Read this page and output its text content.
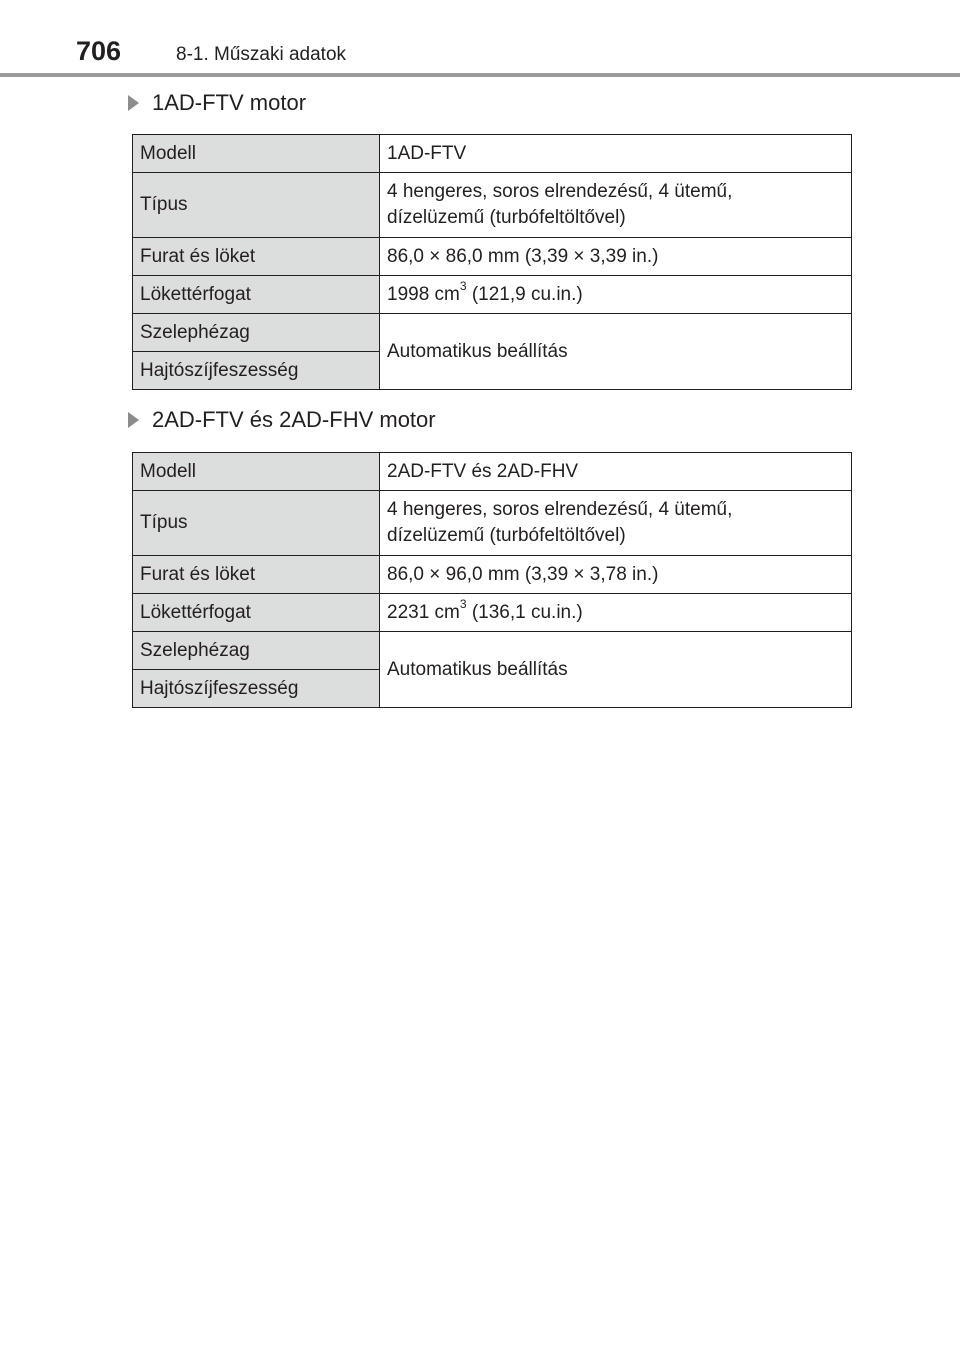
706	8-1. Műszaki adatok
1AD-FTV motor
Modell	1AD-FTV
Típus	4 hengeres, soros elrendezésű, 4 ütemű,
dízelüzemű (turbófeltöltővel)
Furat és löket	86,0 × 86,0 mm (3,39 × 3,39 in.)
Lökettérfogat	1998 $cm^3$ (121,9 cu.in.)
Szelephézag	Automatikus beállítás
Hajtószíjfeszesség	
2AD-FTV és 2AD-FHV motor
Modell	2AD-FTV és 2AD-FHV
Típus	4 hengeres, soros elrendezésű, 4 ütemű,
dízelüzemű (turbófeltöltővel)
Furat és löket	86,0 × 96,0 mm (3,39 × 3,78 in.)
Lökettérfogat	2231 $cm^3$ (136,1 cu.in.)
Szelephézag	Automatikus beállítás
Hajtószíjfeszesség	
